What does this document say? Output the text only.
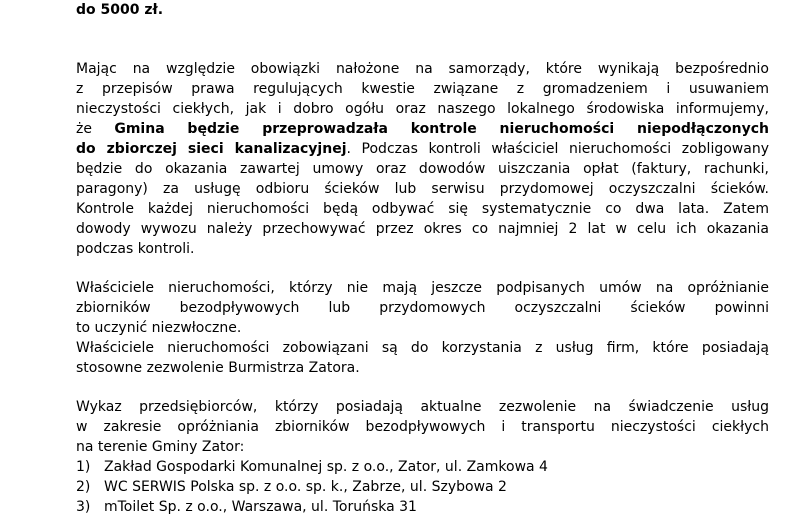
do 5000 zł.
Mając na względzie obowiązki nałożone na samorządy, które wynikają bezpośrednio
z przepisów prawa regulujących kwestie związane z gromadzeniem i usuwaniem
nieczystości ciekłych, jak i dobro ogółu oraz naszego lokalnego środowiska informujemy,
że Gmina będzie przeprowadzała kontrole nieruchomości niepodłączonych
do zbiorczej sieci kanalizacyjnej. Podczas kontroli właściciel nieruchomości zobligowany
będzie do okazania zawartej umowy oraz dowodów uiszczania opłat (faktury, rachunki,
paragony) za usługę odbioru ścieków lub serwisu przydomowej oczyszczalni ścieków.
Kontrole każdej nieruchomości będą odbywać się systematycznie co dwa lata. Zatem
dowody wywozu należy przechowywać przez okres co najmniej 2 lat w celu ich okazania
podczas kontroli.
Właściciele nieruchomości, którzy nie mają jeszcze podpisanych umów na opróżnianie
zbiorników bezodpływowych lub przydomowych oczyszczalni ścieków powinni
to uczynić niezwłoczne.
Właściciele nieruchomości zobowiązani są do korzystania z usług firm, które posiadają
stosowne zezwolenie Burmistrza Zatora.
Wykaz przedsiębiorców, którzy posiadają aktualne zezwolenie na świadczenie usług
w zakresie opróżniania zbiorników bezodpływowych i transportu nieczystości ciekłych
na terenie Gminy Zator:
1) Zakład Gospodarki Komunalnej sp. z o.o., Zator, ul. Zamkowa 4
2) WC SERWIS Polska sp. z o.o. sp. k., Zabrze, ul. Szybowa 2
3) mToilet Sp. z o.o., Warszawa, ul. Toruńska 31
